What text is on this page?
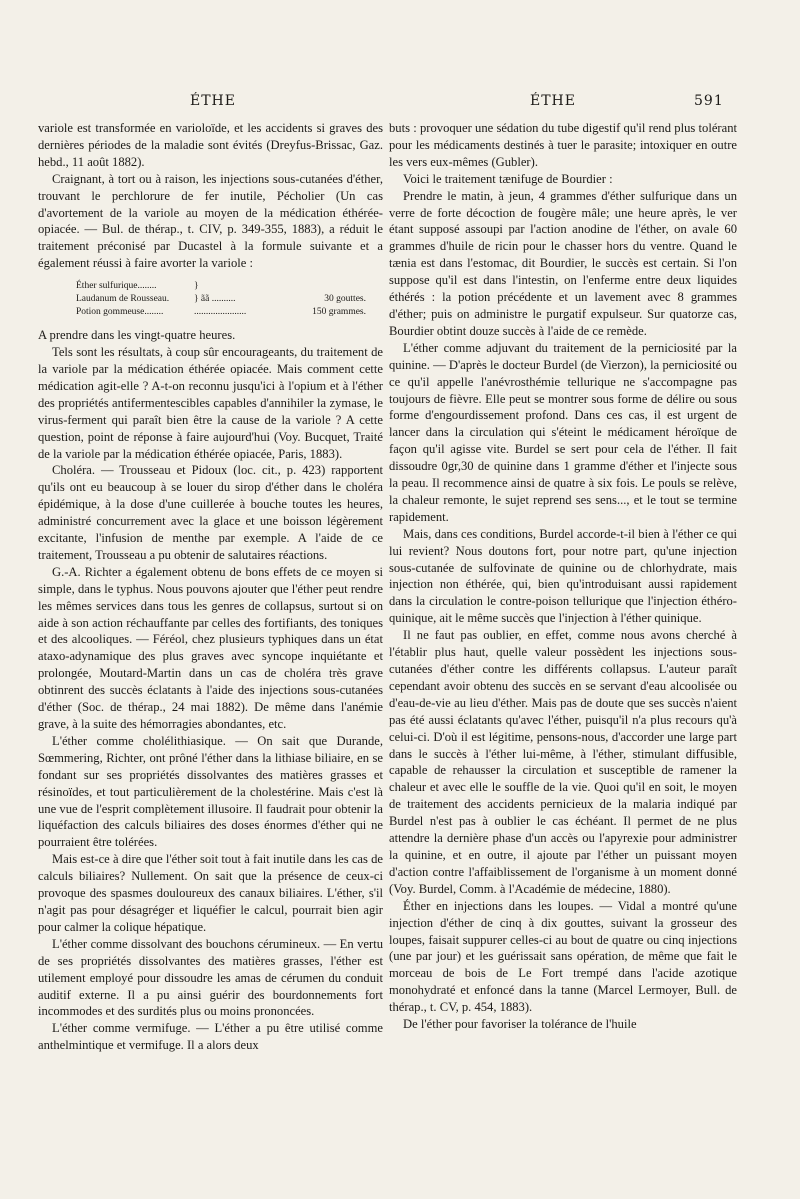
ÉTHE	ÉTHE	591

variole est transformée en varioloïde, et les accidents si graves des dernières périodes de la maladie sont évités (Dreyfus-Brissac, Gaz. hebd., 11 août 1882).

Craignant, à tort ou à raison, les injections sous-cutanées d'éther, trouvant le perchlorure de fer inutile, Pécholier (Un cas d'avortement de la variole au moyen de la médication éthérée-opiacée. — Bul. de thérap., t. CIV, p. 349-355, 1883), a réduit le traitement préconisé par Ducastel à la formule suivante et a également réussi à faire avorter la variole :

Éther sulfurique........	}
Laudanum de Rousseau.	} ãã ..........	30 gouttes.
Potion gommeuse........	......................	150 grammes.

A prendre dans les vingt-quatre heures.

Tels sont les résultats, à coup sûr encourageants, du traitement de la variole par la médication éthérée opiacée. Mais comment cette médication agit-elle ? A-t-on reconnu jusqu'ici à l'opium et à l'éther des propriétés antifermentescibles capables d'annihiler la zymase, le virus-ferment qui paraît bien être la cause de la variole ? A cette question, point de réponse à faire aujourd'hui (Voy. Bucquet, Traité de la variole par la médication éthérée opiacée, Paris, 1883).

Choléra. — Trousseau et Pidoux (loc. cit., p. 423) rapportent qu'ils ont eu beaucoup à se louer du sirop d'éther dans le choléra épidémique, à la dose d'une cuillerée à bouche toutes les heures, administré concurrement avec la glace et une boisson légèrement excitante, l'infusion de menthe par exemple. A l'aide de ce traitement, Trousseau a pu obtenir de salutaires réactions.

G.-A. Richter a également obtenu de bons effets de ce moyen si simple, dans le typhus. Nous pouvons ajouter que l'éther peut rendre les mêmes services dans tous les genres de collapsus, surtout si on aide à son action réchauffante par celles des fortifiants, des toniques et des alcooliques. — Féréol, chez plusieurs typhiques dans un état ataxo-adynamique des plus graves avec syncope inquiétante et prolongée, Moutard-Martin dans un cas de choléra très grave obtinrent des succès éclatants à l'aide des injections sous-cutanées d'éther (Soc. de thérap., 24 mai 1882). De même dans l'anémie grave, à la suite des hémorragies abondantes, etc.

L'éther comme cholélithiasique. — On sait que Durande, Sœmmering, Richter, ont prôné l'éther dans la lithiase biliaire, en se fondant sur ses propriétés dissolvantes des matières grasses et résinoïdes, et tout particulièrement de la cholestérine. Mais c'est là une vue de l'esprit complètement illusoire. Il faudrait pour obtenir la liquéfaction des calculs biliaires des doses énormes d'éther qui ne pourraient être tolérées.

Mais est-ce à dire que l'éther soit tout à fait inutile dans les cas de calculs biliaires? Nullement. On sait que la présence de ceux-ci provoque des spasmes douloureux des canaux biliaires. L'éther, s'il n'agit pas pour désagréger et liquéfier le calcul, pourrait bien agir pour calmer la colique hépatique.

L'éther comme dissolvant des bouchons cérumineux. — En vertu de ses propriétés dissolvantes des matières grasses, l'éther est utilement employé pour dissoudre les amas de cérumen du conduit auditif externe. Il a pu ainsi guérir des bourdonnements fort incommodes et des surdités plus ou moins prononcées.

L'éther comme vermifuge. — L'éther a pu être utilisé comme anthelmintique et vermifuge. Il a alors deux

buts : provoquer une sédation du tube digestif qu'il rend plus tolérant pour les médicaments destinés à tuer le parasite; intoxiquer en outre les vers eux-mêmes (Gubler).

Voici le traitement tænifuge de Bourdier :

Prendre le matin, à jeun, 4 grammes d'éther sulfurique dans un verre de forte décoction de fougère mâle; une heure après, le ver étant supposé assoupi par l'action anodine de l'éther, on avale 60 grammes d'huile de ricin pour le chasser hors du ventre. Quand le tænia est dans l'estomac, dit Bourdier, le succès est certain. Si l'on suppose qu'il est dans l'intestin, on l'enferme entre deux liquides éthérés : la potion précédente et un lavement avec 8 grammes d'éther; puis on administre le purgatif expulseur. Sur quatorze cas, Bourdier obtint douze succès à l'aide de ce remède.

L'éther comme adjuvant du traitement de la perniciosité par la quinine. — D'après le docteur Burdel (de Vierzon), la perniciosité ou ce qu'il appelle l'anévrosthémie tellurique ne s'accompagne pas toujours de fièvre. Elle peut se montrer sous forme de délire ou sous forme d'engourdissement profond. Dans ces cas, il est urgent de lancer dans la circulation qui s'éteint le médicament héroïque de façon qu'il agisse vite. Burdel se sert pour cela de l'éther. Il fait dissoudre 0gr,30 de quinine dans 1 gramme d'éther et l'injecte sous la peau. Il recommence ainsi de quatre à six fois. Le pouls se relève, la chaleur remonte, le sujet reprend ses sens..., et le tout se termine rapidement.

Mais, dans ces conditions, Burdel accorde-t-il bien à l'éther ce qui lui revient? Nous doutons fort, pour notre part, qu'une injection sous-cutanée de sulfovinate de quinine ou de chlorhydrate, mais injection non éthérée, qui, bien qu'introduisant aussi rapidement dans la circulation le contre-poison tellurique que l'injection éthéro-quinique, ait le même succès que l'injection à l'éther quinique.

Il ne faut pas oublier, en effet, comme nous avons cherché à l'établir plus haut, quelle valeur possèdent les injections sous-cutanées d'éther contre les différents collapsus. L'auteur paraît cependant avoir obtenu des succès en se servant d'eau alcoolisée ou d'eau-de-vie au lieu d'éther. Mais pas de doute que ses succès n'aient pas été aussi éclatants qu'avec l'éther, puisqu'il n'a plus recours qu'à celui-ci. D'où il est légitime, pensons-nous, d'accorder une large part dans le succès à l'éther lui-même, à l'éther, stimulant diffusible, capable de rehausser la circulation et susceptible de ramener la chaleur et avec elle le souffle de la vie. Quoi qu'il en soit, le moyen de traitement des accidents pernicieux de la malaria indiqué par Burdel n'est pas à oublier le cas échéant. Il permet de ne plus attendre la dernière phase d'un accès ou l'apyrexie pour administrer la quinine, et en outre, il ajoute par l'éther un puissant moyen d'action contre l'affaiblissement de l'organisme à un moment donné (Voy. Burdel, Comm. à l'Académie de médecine, 1880).

Éther en injections dans les loupes. — Vidal a montré qu'une injection d'éther de cinq à dix gouttes, suivant la grosseur des loupes, faisait suppurer celles-ci au bout de quatre ou cinq injections (une par jour) et les guérissait sans opération, de même que fait le morceau de bois de Le Fort trempé dans l'acide azotique monohydraté et enfoncé dans la tanne (Marcel Lermoyer, Bull. de thérap., t. CV, p. 454, 1883).

De l'éther pour favoriser la tolérance de l'huile
